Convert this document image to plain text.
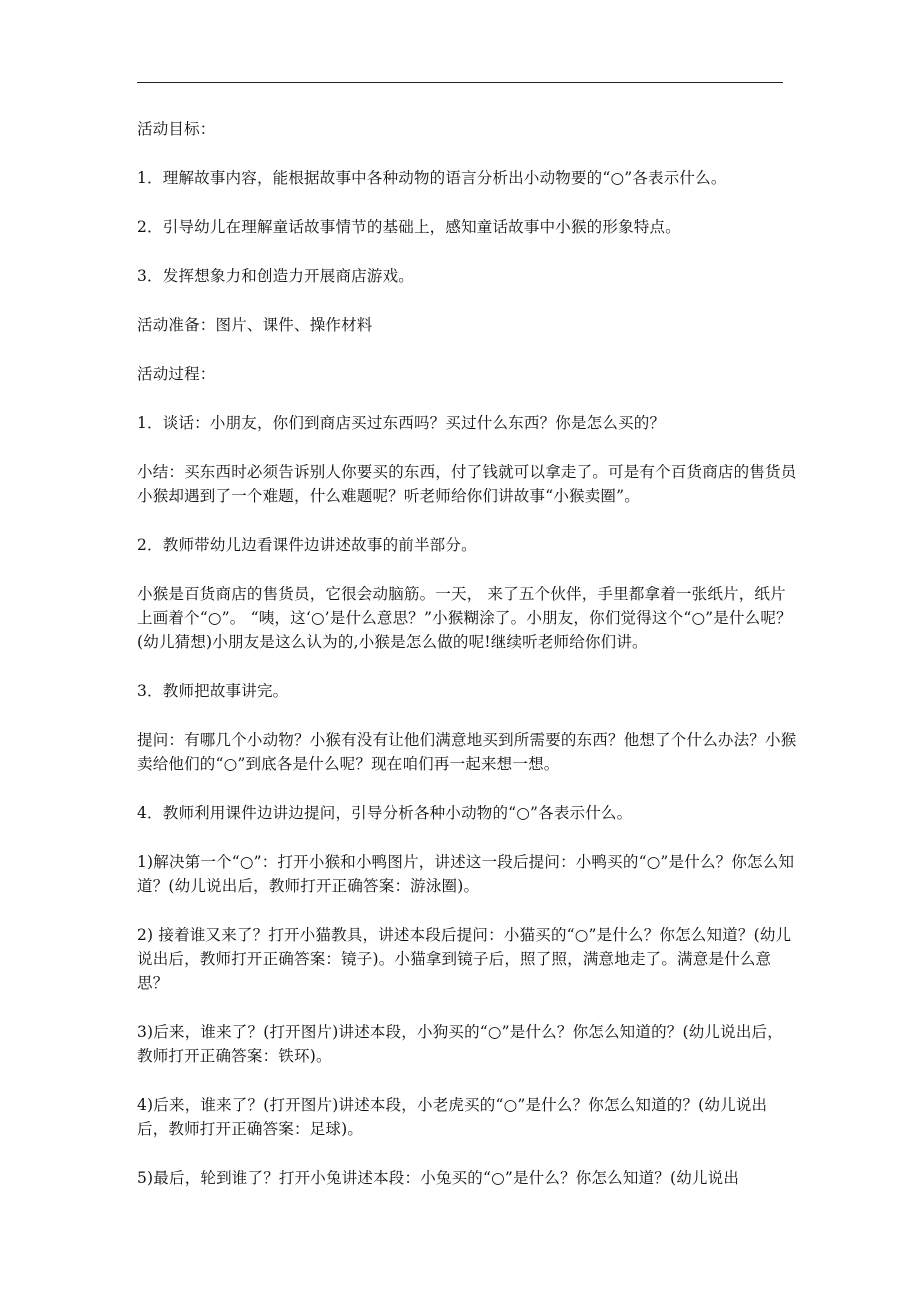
活动目标：

1．理解故事内容，能根据故事中各种动物的语言分析出小动物要的“○”各表示什么。

2．引导幼儿在理解童话故事情节的基础上，感知童话故事中小猴的形象特点。

3．发挥想象力和创造力开展商店游戏。

活动准备：图片、课件、操作材料

活动过程：

1．谈话：小朋友，你们到商店买过东西吗？买过什么东西？你是怎么买的？

小结：买东西时必须告诉别人你要买的东西，付了钱就可以拿走了。可是有个百货商店的售货员小猴却遇到了一个难题，什么难题呢？听老师给你们讲故事“小猴卖圈”。

2．教师带幼儿边看课件边讲述故事的前半部分。

小猴是百货商店的售货员，它很会动脑筋。一天， 来了五个伙伴，手里都拿着一张纸片，纸片上画着个“○”。 “咦，这‘○’是什么意思？”小猴糊涂了。小朋友，你们觉得这个“○”是什么呢？(幼儿猜想)小朋友是这么认为的,小猴是怎么做的呢!继续听老师给你们讲。

3．教师把故事讲完。

提问：有哪几个小动物？小猴有没有让他们满意地买到所需要的东西？他想了个什么办法？小猴卖给他们的“○”到底各是什么呢？现在咱们再一起来想一想。

4．教师利用课件边讲边提问，引导分析各种小动物的“○”各表示什么。

1)解决第一个“○”：打开小猴和小鸭图片，讲述这一段后提问：小鸭买的“○”是什么？你怎么知道？(幼儿说出后，教师打开正确答案：游泳圈)。

2) 接着谁又来了？打开小猫教具，讲述本段后提问：小猫买的“○”是什么？你怎么知道？(幼儿说出后，教师打开正确答案：镜子)。小猫拿到镜子后，照了照，满意地走了。满意是什么意思？

3)后来，谁来了？(打开图片)讲述本段，小狗买的“○”是什么？你怎么知道的？(幼儿说出后，教师打开正确答案：铁环)。

4)后来，谁来了？(打开图片)讲述本段，小老虎买的“○”是什么？你怎么知道的？(幼儿说出后，教师打开正确答案：足球)。

5)最后，轮到谁了？打开小兔讲述本段：小兔买的“○”是什么？你怎么知道？(幼儿说出
